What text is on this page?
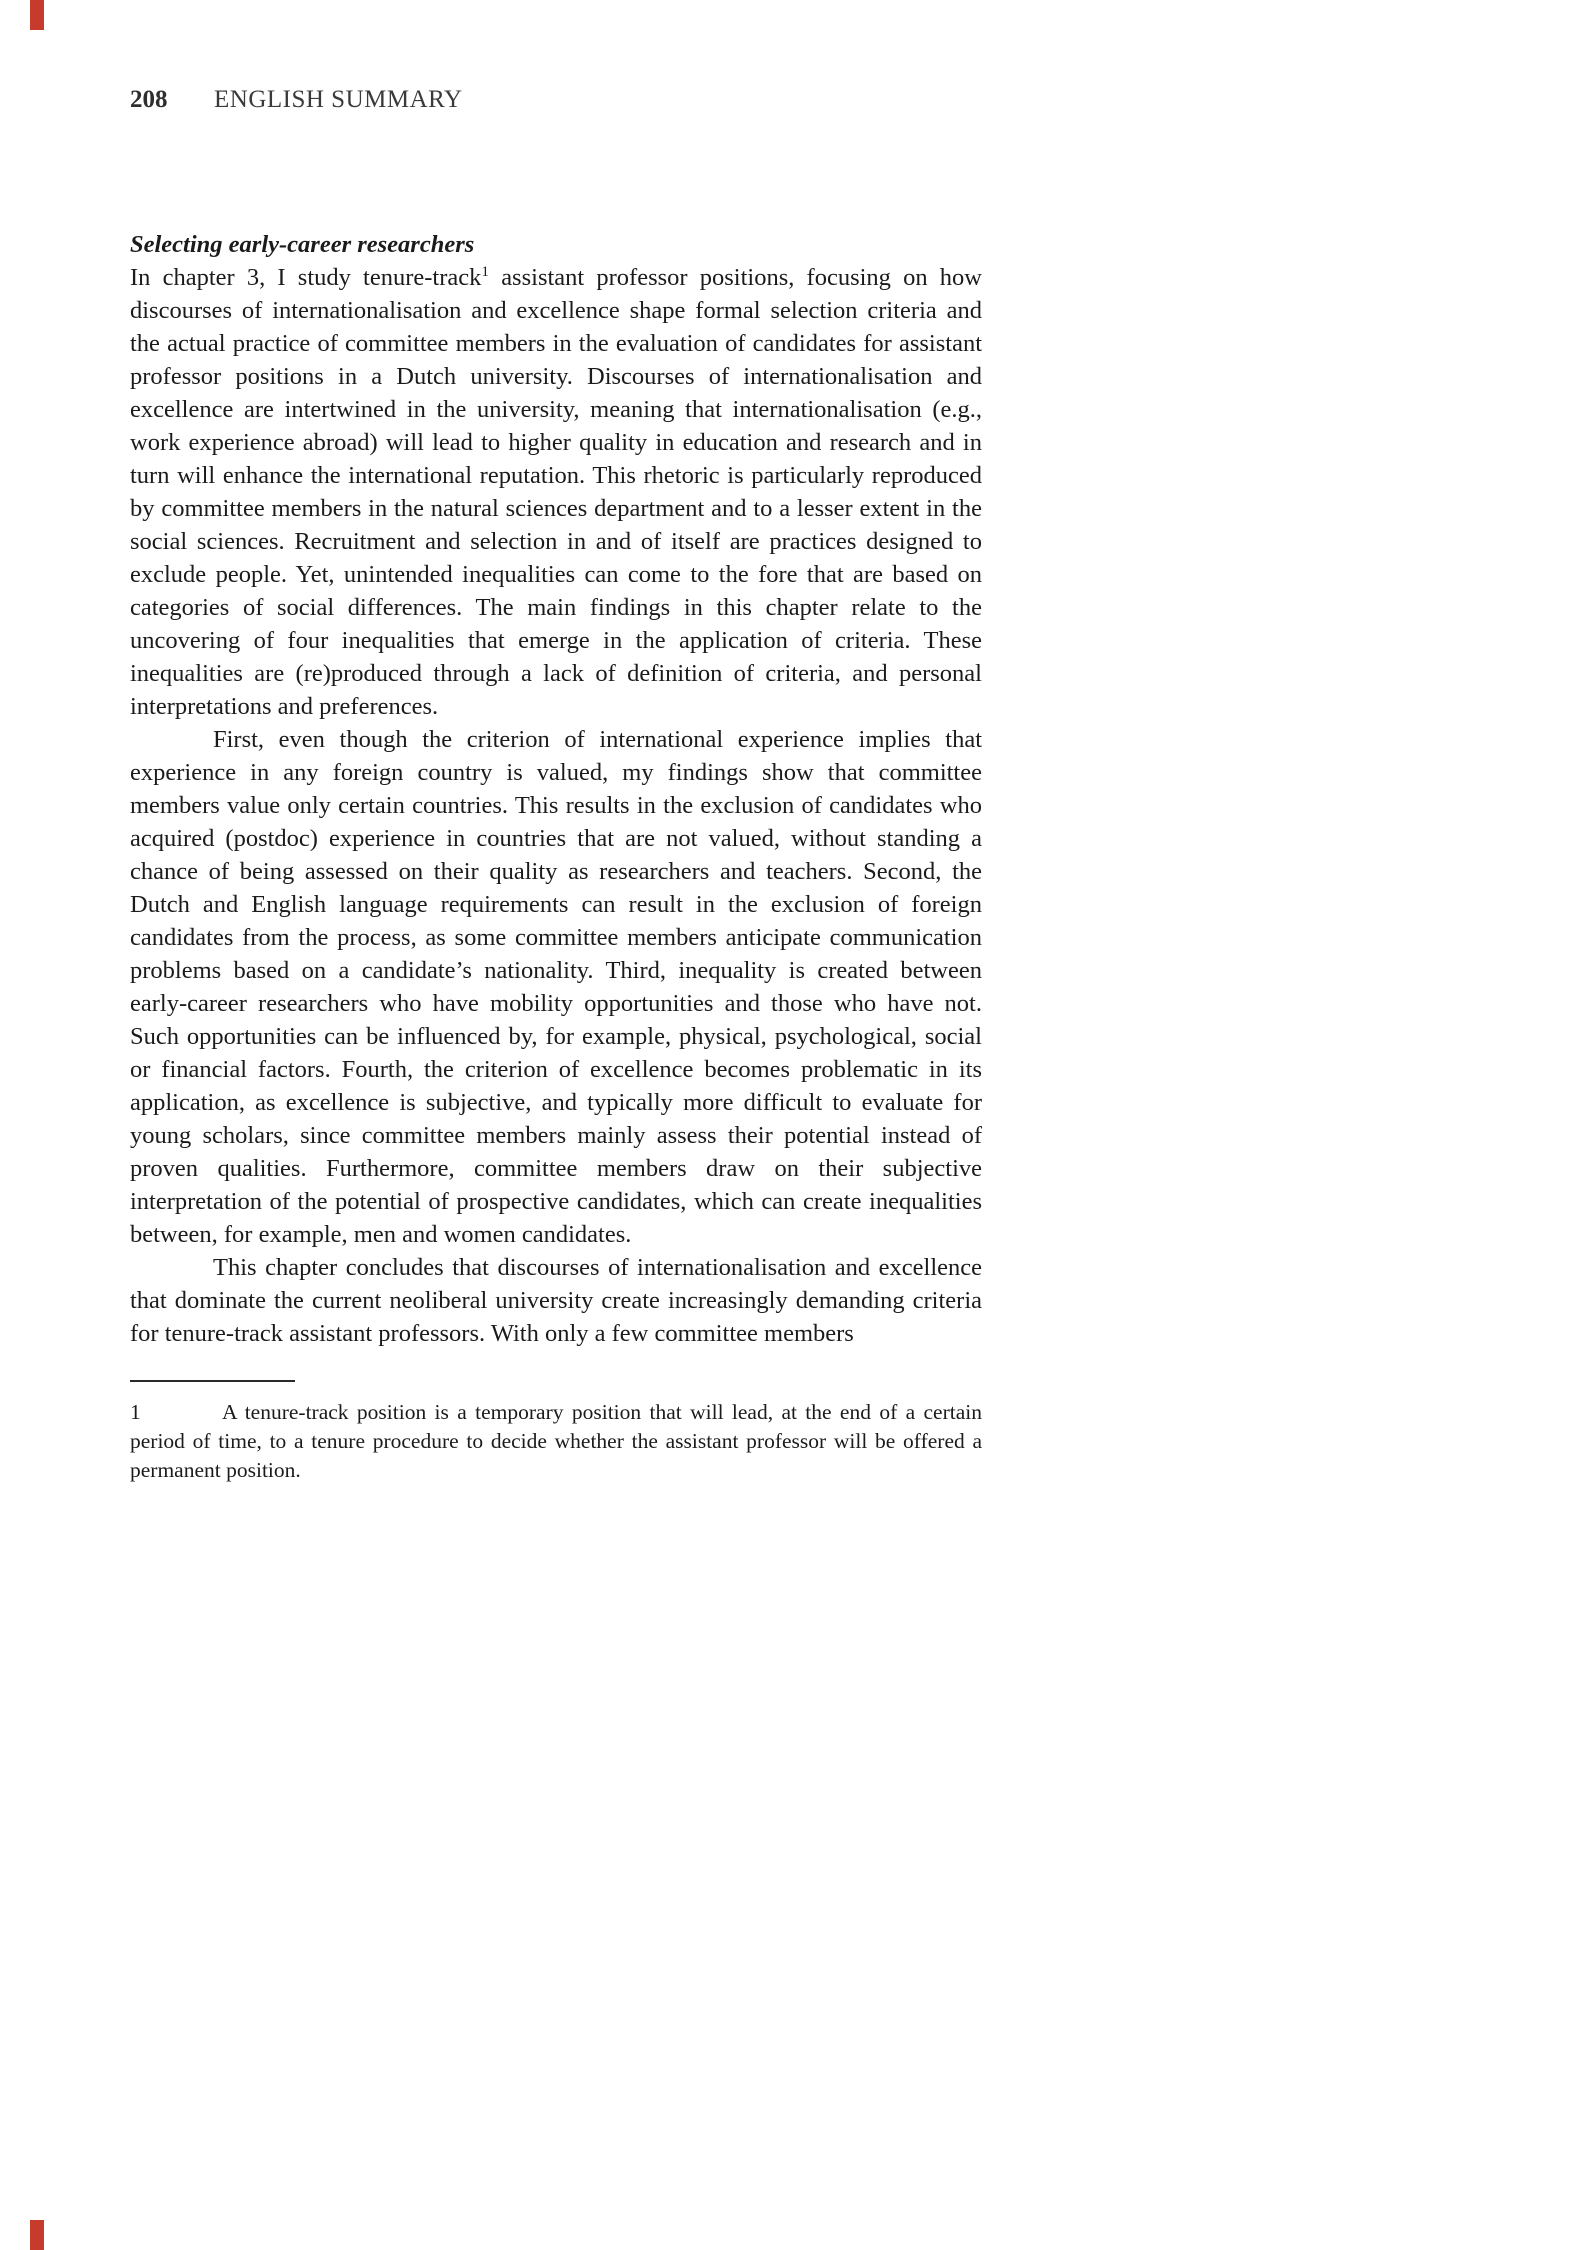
208 ENGLISH SUMMARY
Selecting early-career researchers

In chapter 3, I study tenure-track$^1$ assistant professor positions, focusing on how discourses of internationalisation and excellence shape formal selection criteria and the actual practice of committee members in the evaluation of candidates for assistant professor positions in a Dutch university. Discourses of internationalisation and excellence are intertwined in the university, meaning that internationalisation (e.g., work experience abroad) will lead to higher quality in education and research and in turn will enhance the international reputation. This rhetoric is particularly reproduced by committee members in the natural sciences department and to a lesser extent in the social sciences. Recruitment and selection in and of itself are practices designed to exclude people. Yet, unintended inequalities can come to the fore that are based on categories of social differences. The main findings in this chapter relate to the uncovering of four inequalities that emerge in the application of criteria. These inequalities are (re)produced through a lack of definition of criteria, and personal interpretations and preferences.

First, even though the criterion of international experience implies that experience in any foreign country is valued, my findings show that committee members value only certain countries. This results in the exclusion of candidates who acquired (postdoc) experience in countries that are not valued, without standing a chance of being assessed on their quality as researchers and teachers. Second, the Dutch and English language requirements can result in the exclusion of foreign candidates from the process, as some committee members anticipate communication problems based on a candidate’s nationality. Third, inequality is created between early-career researchers who have mobility opportunities and those who have not. Such opportunities can be influenced by, for example, physical, psychological, social or financial factors. Fourth, the criterion of excellence becomes problematic in its application, as excellence is subjective, and typically more difficult to evaluate for young scholars, since committee members mainly assess their potential instead of proven qualities. Furthermore, committee members draw on their subjective interpretation of the potential of prospective candidates, which can create inequalities between, for example, men and women candidates.

This chapter concludes that discourses of internationalisation and excellence that dominate the current neoliberal university create increasingly demanding criteria for tenure-track assistant professors. With only a few committee members

1	A tenure-track position is a temporary position that will lead, at the end of a certain period of time, to a tenure procedure to decide whether the assistant professor will be offered a permanent position.
